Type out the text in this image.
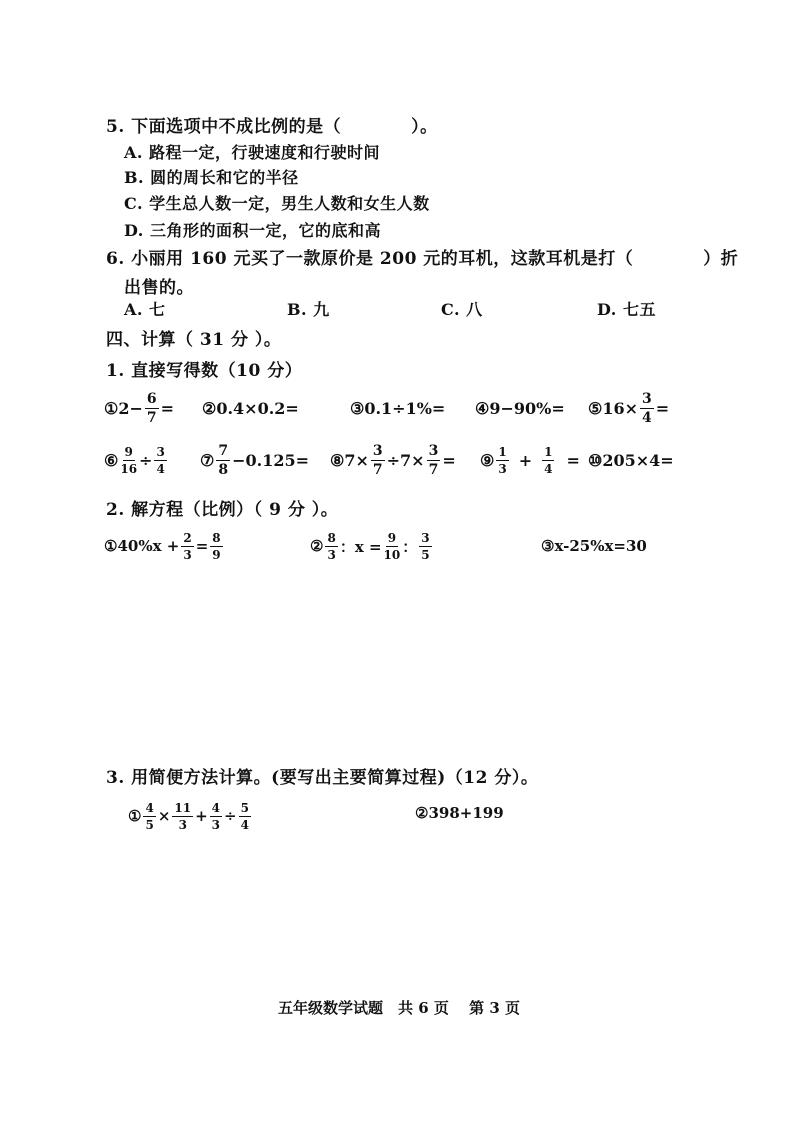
5. 下面选项中不成比例的是（　　　　）。
A. 路程一定，行驶速度和行驶时间
B. 圆的周长和它的半径
C. 学生总人数一定，男生人数和女生人数
D. 三角形的面积一定，它的底和高
6. 小丽用 160 元买了一款原价是 200 元的耳机，这款耳机是打（　　　　）折
出售的。
A. 七	B. 九	C. 八	D. 七五
四、计算（ 31 分 ）。
1. 直接写得数（10 分）
① $2- \frac{6}{7}$ = ②0.4×0.2=	③0.1÷1%= ④9−90%= ⑤ $16\times \frac{3}{4}$ =
⑥ $\frac{9}{16} \div \frac{3}{4}$ ⑦ $\frac{7}{8} -0.125=$ ⑧ $7\times \frac{3}{7} \div 7\times \frac{3}{7}$ = ⑨ $\frac{1}{3} + \frac{1}{4}$ = ⑩205×4=
2. 解方程（比例）（ 9 分 ）。
① $40\%x + \frac{2}{3} = \frac{8}{9}$	② $\frac{8}{3}$ ：$x = \frac{9}{10}$ ： $\frac{3}{5}$	③x-25%x=30
3. 用简便方法计算。(要写出主要简算过程)（12 分）。
① $\frac{4}{5} \times \frac{11}{3} + \frac{4}{3} \div \frac{5}{4}$	②398+199
五年级数学试题　共 6 页　 第 3 页
